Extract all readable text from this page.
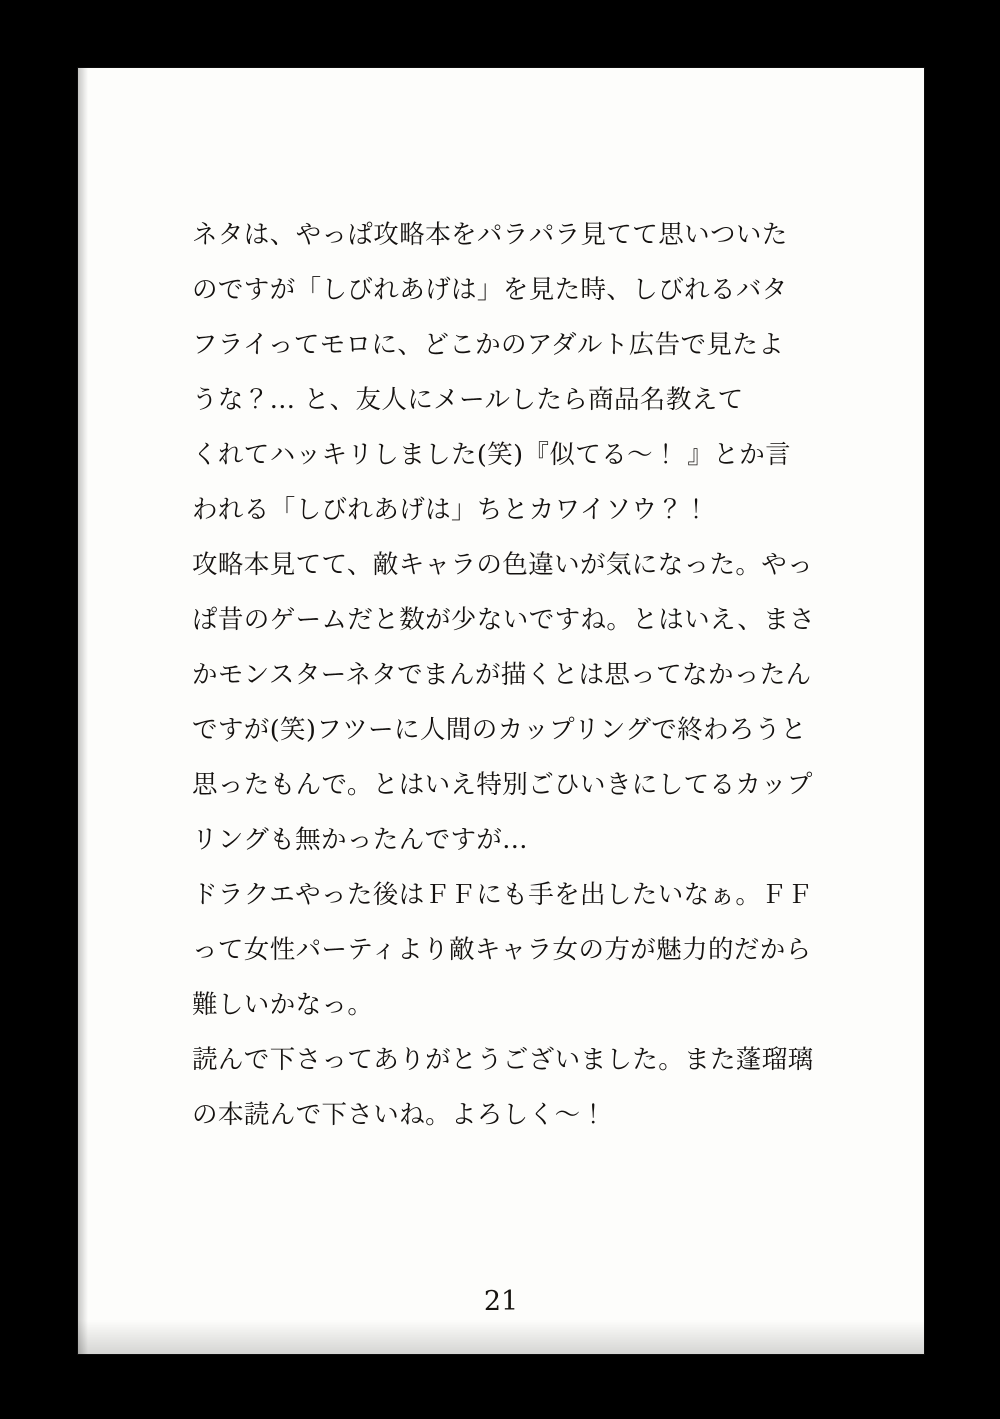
ネタは、やっぱ攻略本をパラパラ見てて思いついた

のですが「しびれあげは」を見た時、しびれるバタ

フライってモロに、どこかのアダルト広告で見たよ

うな？... と、友人にメールしたら商品名教えて

くれてハッキリしました(笑)『似てる〜！ 』とか言

われる「しびれあげは」ちとカワイソウ？！

攻略本見てて、敵キャラの色違いが気になった。やっ

ぱ昔のゲームだと数が少ないですね。とはいえ、まさ

かモンスターネタでまんが描くとは思ってなかったん

ですが(笑)フツーに人間のカップリングで終わろうと

思ったもんで。とはいえ特別ごひいきにしてるカップ

リングも無かったんですが...

ドラクエやった後はＦＦにも手を出したいなぁ。ＦＦ

って女性パーティより敵キャラ女の方が魅力的だから

難しいかなっ。

読んで下さってありがとうございました。また蓬瑠璃

の本読んで下さいね。よろしく〜！

21
